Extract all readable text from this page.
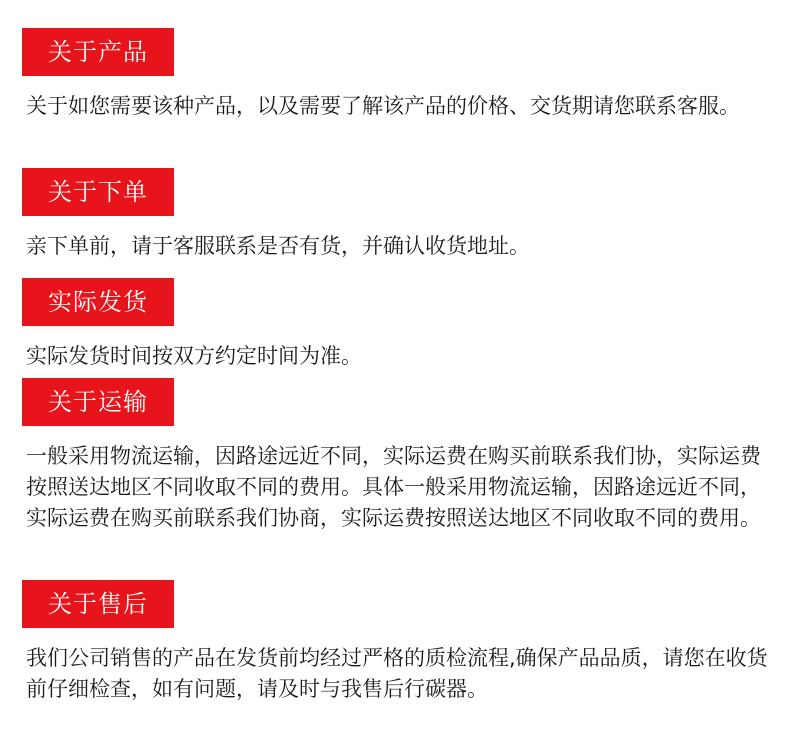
关于产品

关于如您需要该种产品，以及需要了解该产品的价格、交货期请您联系客服。

关于下单

亲下单前，请于客服联系是否有货，并确认收货地址。

实际发货

实际发货时间按双方约定时间为准。

关于运输

一般采用物流运输，因路途远近不同，实际运费在购买前联系我们协，实际运费按照送达地区不同收取不同的费用。具体一般采用物流运输，因路途远近不同，实际运费在购买前联系我们协商，实际运费按照送达地区不同收取不同的费用。

关于售后

我们公司销售的产品在发货前均经过严格的质检流程,确保产品品质，请您在收货前仔细检查，如有问题，请及时与我售后行碳器。
